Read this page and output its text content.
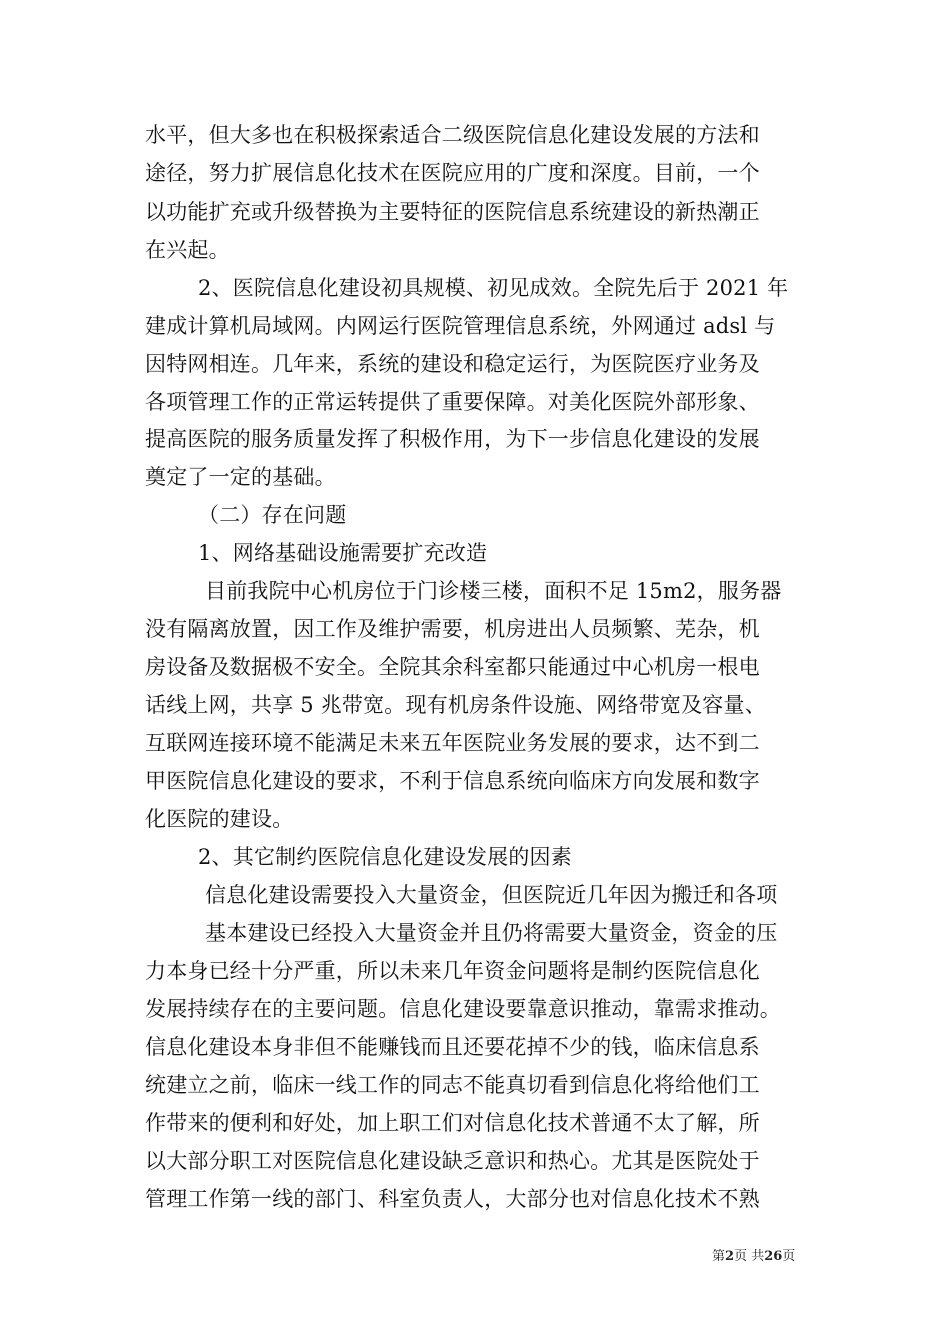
水平，但大多也在积极探索适合二级医院信息化建设发展的方法和
途径，努力扩展信息化技术在医院应用的广度和深度。目前，一个
以功能扩充或升级替换为主要特征的医院信息系统建设的新热潮正
在兴起。
2、医院信息化建设初具规模、初见成效。全院先后于 2021 年
建成计算机局域网。内网运行医院管理信息系统，外网通过 adsl 与
因特网相连。几年来，系统的建设和稳定运行，为医院医疗业务及
各项管理工作的正常运转提供了重要保障。对美化医院外部形象、
提高医院的服务质量发挥了积极作用，为下一步信息化建设的发展
奠定了一定的基础。
（二）存在问题
1、网络基础设施需要扩充改造
目前我院中心机房位于门诊楼三楼，面积不足 15m2，服务器
没有隔离放置，因工作及维护需要，机房进出人员频繁、芜杂，机
房设备及数据极不安全。全院其余科室都只能通过中心机房一根电
话线上网，共享 5 兆带宽。现有机房条件设施、网络带宽及容量、
互联网连接环境不能满足未来五年医院业务发展的要求，达不到二
甲医院信息化建设的要求，不利于信息系统向临床方向发展和数字
化医院的建设。
2、其它制约医院信息化建设发展的因素
信息化建设需要投入大量资金，但医院近几年因为搬迁和各项
基本建设已经投入大量资金并且仍将需要大量资金，资金的压
力本身已经十分严重，所以未来几年资金问题将是制约医院信息化
发展持续存在的主要问题。信息化建设要靠意识推动，靠需求推动。
信息化建设本身非但不能赚钱而且还要花掉不少的钱，临床信息系
统建立之前，临床一线工作的同志不能真切看到信息化将给他们工
作带来的便利和好处，加上职工们对信息化技术普通不太了解，所
以大部分职工对医院信息化建设缺乏意识和热心。尤其是医院处于
管理工作第一线的部门、科室负责人，大部分也对信息化技术不熟
第2页 共26页
